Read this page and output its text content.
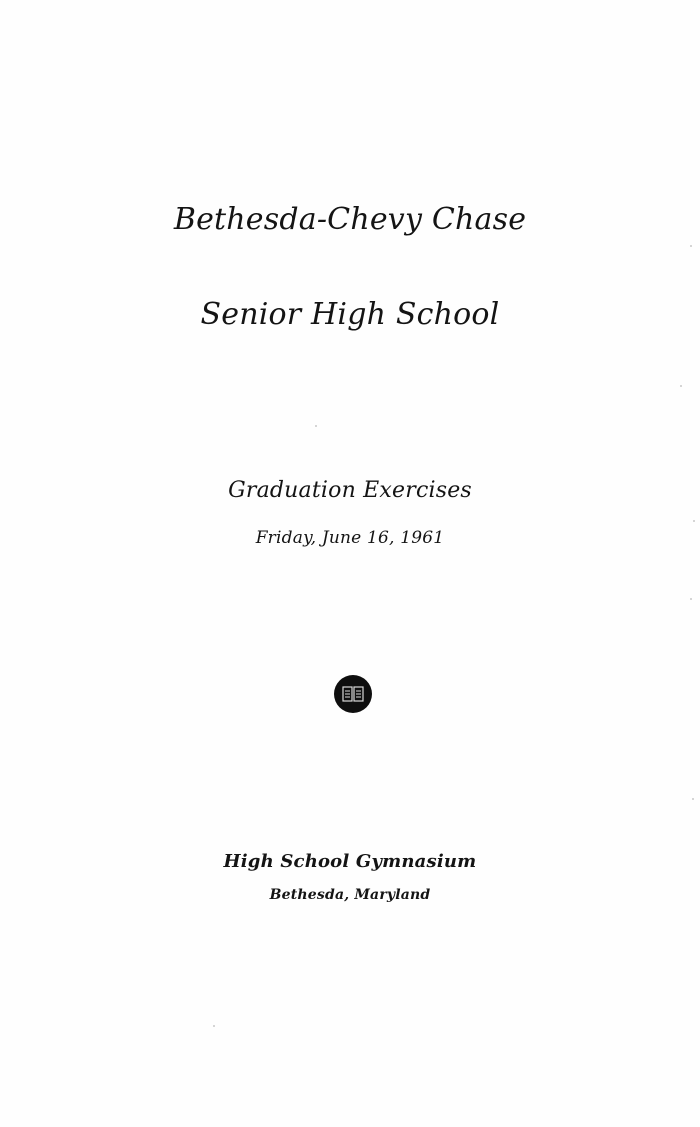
Bethesda-Chevy Chase
Senior High School
Graduation Exercises
Friday, June 16, 1961
High School Gymnasium
Bethesda, Maryland
